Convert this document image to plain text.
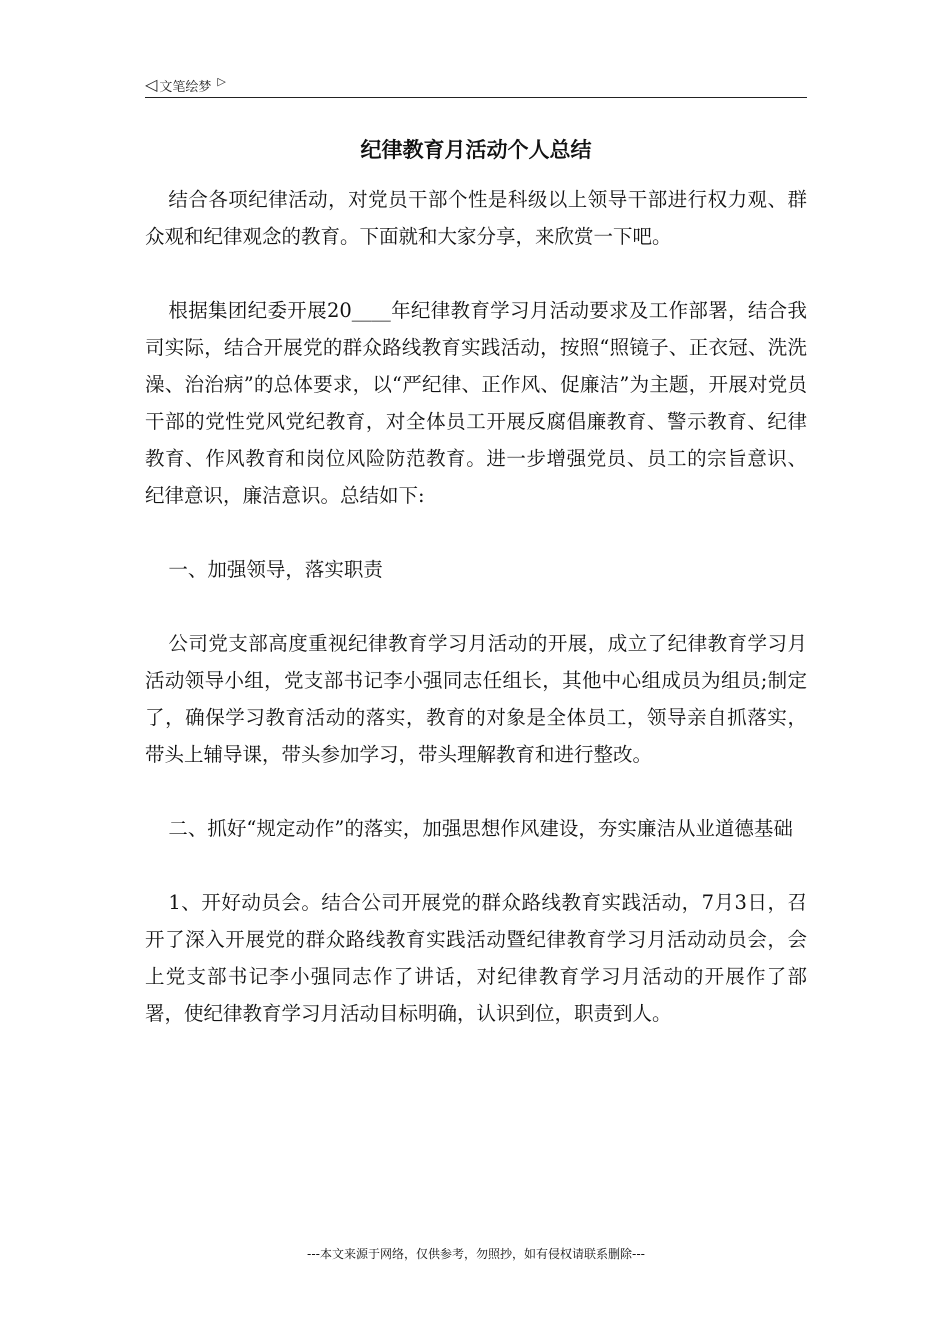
◁ 文笔绘梦 ▷
纪律教育月活动个人总结

结合各项纪律活动，对党员干部个性是科级以上领导干部进行权力观、群众观和纪律观念的教育。下面就和大家分享，来欣赏一下吧。

根据集团纪委开展20____年纪律教育学习月活动要求及工作部署，结合我司实际，结合开展党的群众路线教育实践活动，按照“照镜子、正衣冠、洗洗澡、治治病”的总体要求，以“严纪律、正作风、促廉洁”为主题，开展对党员干部的党性党风党纪教育，对全体员工开展反腐倡廉教育、警示教育、纪律教育、作风教育和岗位风险防范教育。进一步增强党员、员工的宗旨意识、纪律意识，廉洁意识。总结如下:

一、加强领导，落实职责

公司党支部高度重视纪律教育学习月活动的开展，成立了纪律教育学习月活动领导小组，党支部书记李小强同志任组长，其他中心组成员为组员;制定了，确保学习教育活动的落实，教育的对象是全体员工，领导亲自抓落实，带头上辅导课，带头参加学习，带头理解教育和进行整改。

二、抓好“规定动作”的落实，加强思想作风建设，夯实廉洁从业道德基础

1、开好动员会。结合公司开展党的群众路线教育实践活动，7月3日，召开了深入开展党的群众路线教育实践活动暨纪律教育学习月活动动员会，会上党支部书记李小强同志作了讲话，对纪律教育学习月活动的开展作了部署，使纪律教育学习月活动目标明确，认识到位，职责到人。

---本文来源于网络，仅供参考，勿照抄，如有侵权请联系删除---
